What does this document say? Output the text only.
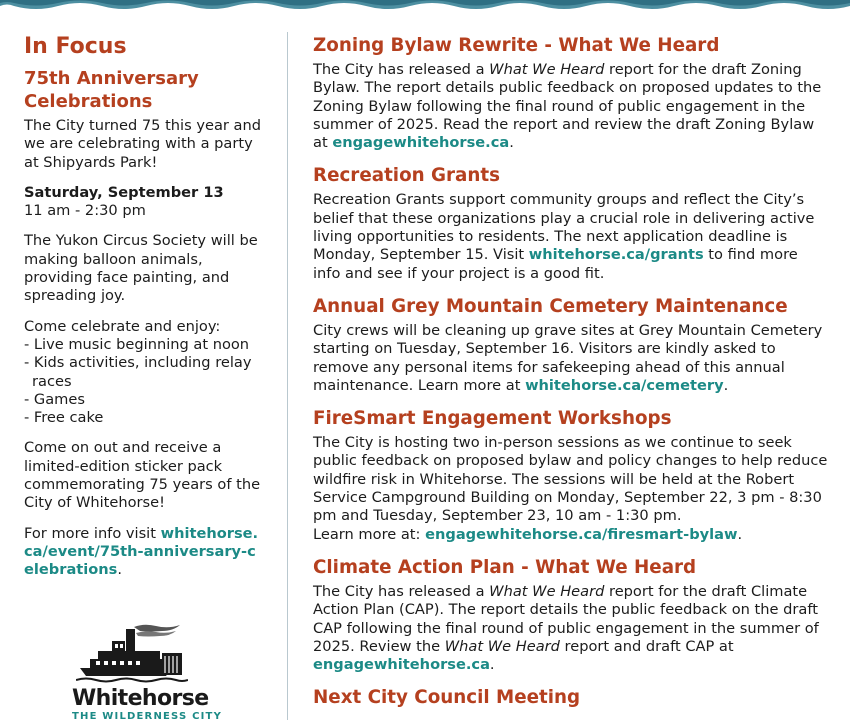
In Focus
75th Anniversary Celebrations

The City turned 75 this year and we are celebrating with a party at Shipyards Park!

Saturday, September 13
11 am - 2:30 pm

The Yukon Circus Society will be making balloon animals, providing face painting, and spreading joy.

Come celebrate and enjoy:

- Live music beginning at noon
- Kids activities, including relay races
- Games
- Free cake

Come on out and receive a limited-edition sticker pack commemorating 75 years of the City of Whitehorse!

For more info visit whitehorse.ca/event/75th-anniversary-celebrations.

Whitehorse
THE WILDERNESS CITY
Zoning Bylaw Rewrite - What We Heard

The City has released a What We Heard report for the draft Zoning Bylaw. The report details public feedback on proposed updates to the Zoning Bylaw following the final round of public engagement in the summer of 2025. Read the report and review the draft Zoning Bylaw at engagewhitehorse.ca.

Recreation Grants

Recreation Grants support community groups and reflect the City’s belief that these organizations play a crucial role in delivering active living opportunities to residents. The next application deadline is Monday, September 15. Visit whitehorse.ca/grants to find more info and see if your project is a good fit.

Annual Grey Mountain Cemetery Maintenance

City crews will be cleaning up grave sites at Grey Mountain Cemetery starting on Tuesday, September 16. Visitors are kindly asked to remove any personal items for safekeeping ahead of this annual maintenance. Learn more at whitehorse.ca/cemetery.

FireSmart Engagement Workshops

The City is hosting two in-person sessions as we continue to seek public feedback on proposed bylaw and policy changes to help reduce wildfire risk in Whitehorse. The sessions will be held at the Robert Service Campground Building on Monday, September 22, 3 pm - 8:30 pm and Tuesday, September 23, 10 am - 1:30 pm.
Learn more at: engagewhitehorse.ca/firesmart-bylaw.

Climate Action Plan - What We Heard

The City has released a What We Heard report for the draft Climate Action Plan (CAP). The report details the public feedback on the draft CAP following the final round of public engagement in the summer of 2025. Review the What We Heard report and draft CAP at engagewhitehorse.ca.

Next City Council Meeting
